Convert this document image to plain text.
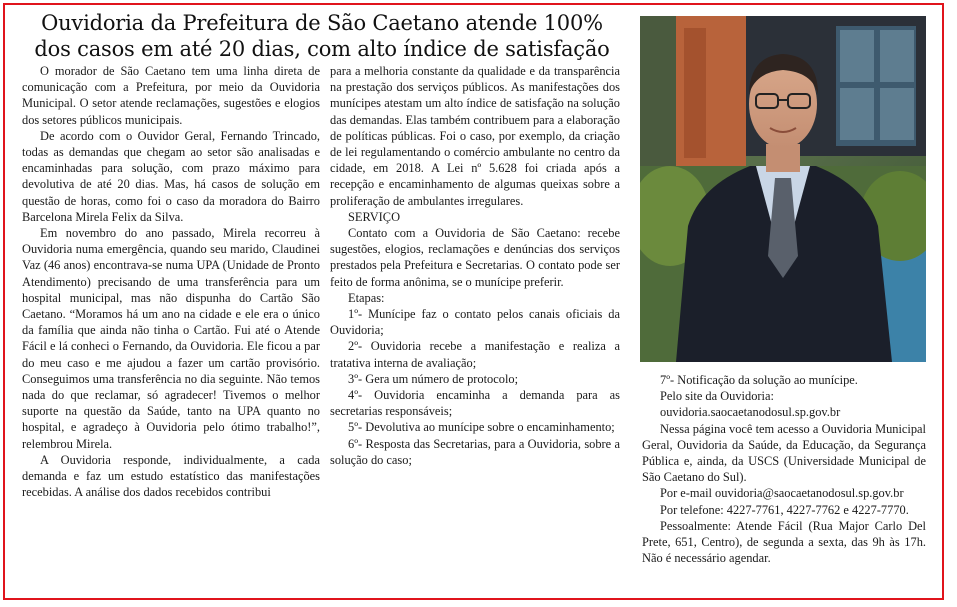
Ouvidoria da Prefeitura de São Caetano atende 100% dos casos em até 20 dias, com alto índice de satisfação

O morador de São Caetano tem uma linha direta de comunicação com a Prefeitura, por meio da Ouvidoria Municipal. O setor atende reclamações, sugestões e elogios dos setores públicos municipais.

De acordo com o Ouvidor Geral, Fernando Trincado, todas as demandas que chegam ao setor são analisadas e encaminhadas para solução, com prazo máximo para devolutiva de até 20 dias. Mas, há casos de solução em questão de horas, como foi o caso da moradora do Bairro Barcelona Mirela Felix da Silva.

Em novembro do ano passado, Mirela recorreu à Ouvidoria numa emergência, quando seu marido, Claudinei Vaz (46 anos) encontrava-se numa UPA (Unidade de Pronto Atendimento) precisando de uma transferência para um hospital municipal, mas não dispunha do Cartão São Caetano. “Moramos há um ano na cidade e ele era o único da família que ainda não tinha o Cartão. Fui até o Atende Fácil e lá conheci o Fernando, da Ouvidoria. Ele ficou a par do meu caso e me ajudou a fazer um cartão provisório. Conseguimos uma transferência no dia seguinte. Não temos nada do que reclamar, só agradecer! Tivemos o melhor suporte na questão da Saúde, tanto na UPA quanto no hospital, e agradeço à Ouvidoria pelo ótimo trabalho!”, relembrou Mirela.

A Ouvidoria responde, individualmente, a cada demanda e faz um estudo estatístico das manifestações recebidas. A análise dos dados recebidos contribui

para a melhoria constante da qualidade e da transparência na prestação dos serviços públicos. As manifestações dos munícipes atestam um alto índice de satisfação na solução das demandas. Elas também contribuem para a elaboração de políticas públicas. Foi o caso, por exemplo, da criação de lei regulamentando o comércio ambulante no centro da cidade, em 2018. A Lei nº 5.628 foi criada após a recepção e encaminhamento de algumas queixas sobre a proliferação de ambulantes irregulares.

SERVIÇO

Contato com a Ouvidoria de São Caetano: recebe sugestões, elogios, reclamações e denúncias dos serviços prestados pela Prefeitura e Secretarias. O contato pode ser feito de forma anônima, se o munícipe preferir.

Etapas:

1º- Munícipe faz o contato pelos canais oficiais da Ouvidoria;

2º- Ouvidoria recebe a manifestação e realiza a tratativa interna de avaliação;

3º- Gera um número de protocolo;

4º- Ouvidoria encaminha a demanda para as secretarias responsáveis;

5º- Devolutiva ao munícipe sobre o encaminhamento;

6º- Resposta das Secretarias, para a Ouvidoria, sobre a solução do caso;

7º- Notificação da solução ao munícipe.

Pelo site da Ouvidoria:

ouvidoria.saocaetanodosul.sp.gov.br

Nessa página você tem acesso a Ouvidoria Municipal Geral, Ouvidoria da Saúde, da Educação, da Segurança Pública e, ainda, da USCS (Universidade Municipal de São Caetano do Sul).

Por e-mail ouvidoria@saocaetanodosul.sp.gov.br

Por telefone: 4227-7761, 4227-7762 e 4227-7770.

Pessoalmente: Atende Fácil (Rua Major Carlo Del Prete, 651, Centro), de segunda a sexta, das 9h às 17h. Não é necessário agendar.
